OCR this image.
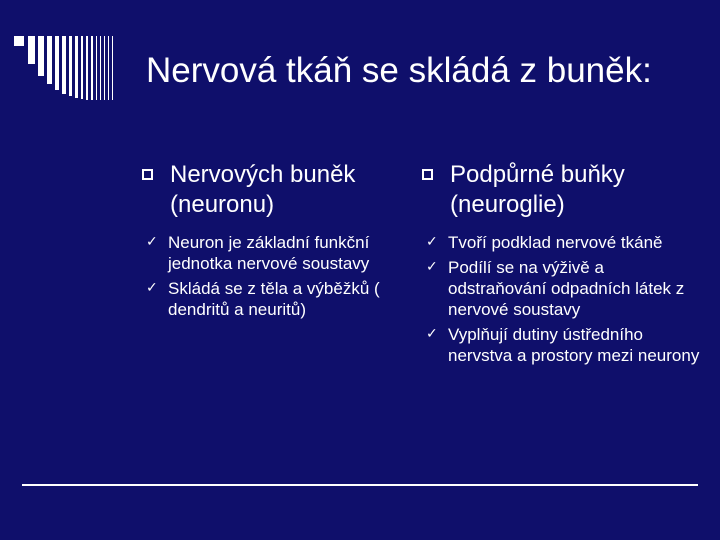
Nervová tkáň se skládá z buněk:
Nervových buněk (neuronu)
✓ Neuron je základní funkční jednotka nervové soustavy
✓ Skládá se z těla a výběžků ( dendritů a neuritů)
Podpůrné buňky (neuroglie)
✓ Tvoří podklad nervové tkáně
✓ Podílí se na výživě a odstraňování odpadních látek z nervové soustavy
✓ Vyplňují dutiny ústředního nervstva a prostory mezi neurony
